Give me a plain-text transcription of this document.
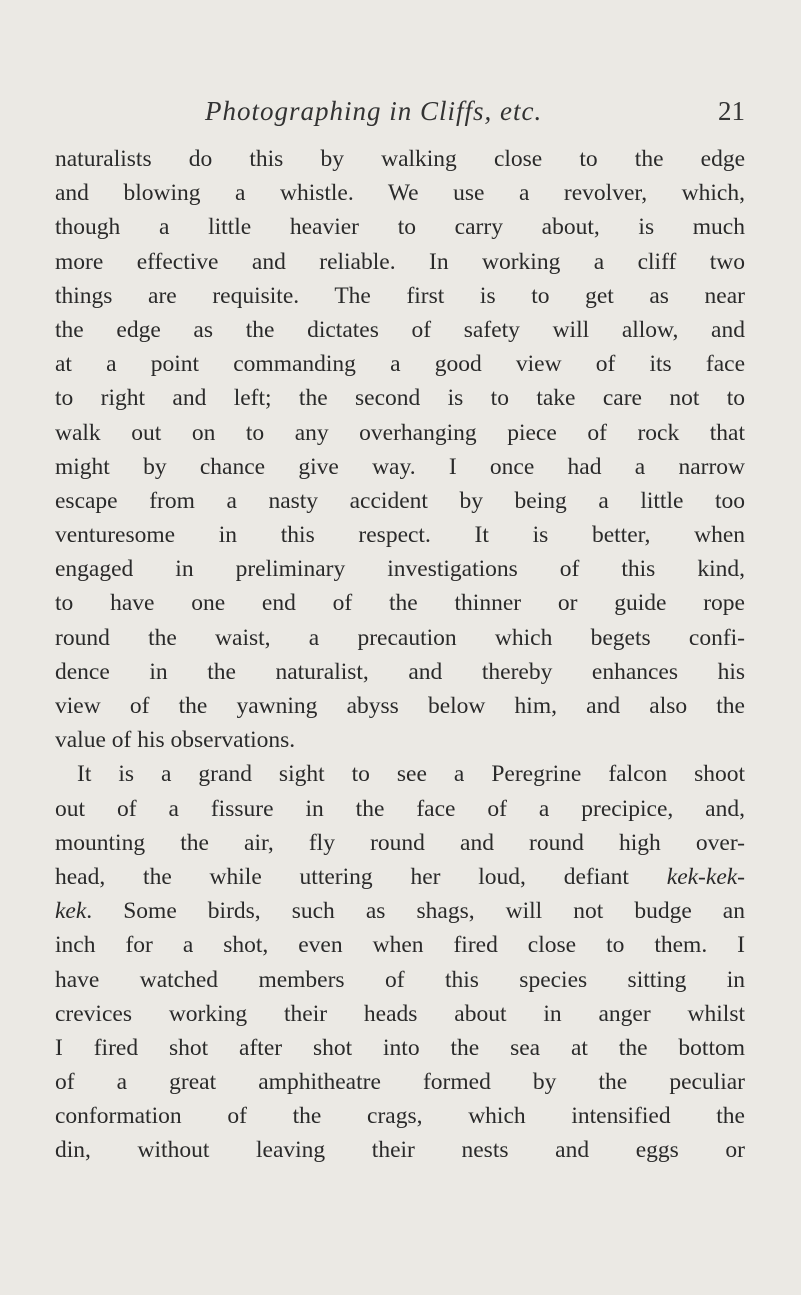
Photographing in Cliffs, etc.	21
naturalists do this by walking close to the edge
and blowing a whistle. We use a revolver, which,
though a little heavier to carry about, is much
more effective and reliable. In working a cliff two
things are requisite. The first is to get as near
the edge as the dictates of safety will allow, and
at a point commanding a good view of its face
to right and left; the second is to take care not to
walk out on to any overhanging piece of rock that
might by chance give way. I once had a narrow
escape from a nasty accident by being a little too
venturesome in this respect. It is better, when
engaged in preliminary investigations of this kind,
to have one end of the thinner or guide rope
round the waist, a precaution which begets confi-
dence in the naturalist, and thereby enhances his
view of the yawning abyss below him, and also the
value of his observations.
It is a grand sight to see a Peregrine falcon shoot
out of a fissure in the face of a precipice, and,
mounting the air, fly round and round high over-
head, the while uttering her loud, defiant kek-kek-
kek. Some birds, such as shags, will not budge an
inch for a shot, even when fired close to them. I
have watched members of this species sitting in
crevices working their heads about in anger whilst
I fired shot after shot into the sea at the bottom
of a great amphitheatre formed by the peculiar
conformation of the crags, which intensified the
din, without leaving their nests and eggs or
